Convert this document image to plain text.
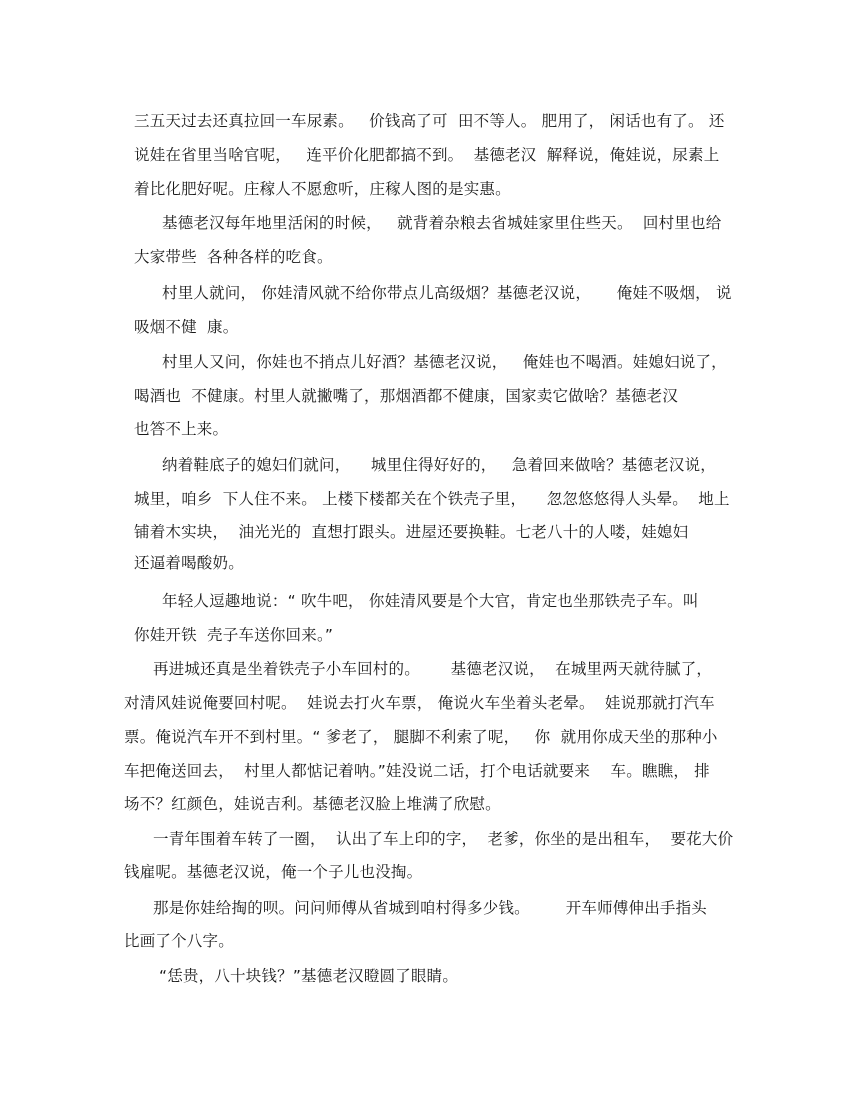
三五天过去还真拉回一车尿素。   价钱高了可  田不等人。 肥用了， 闲话也有了。 还
说娃在省里当啥官呢，   连平价化肥都搞不到。  基德老汉  解释说，俺娃说，尿素上
着比化肥好呢。庄稼人不愿愈听，庄稼人图的是实惠。
基德老汉每年地里活闲的时候，   就背着杂粮去省城娃家里住些天。  回村里也给
大家带些  各种各样的吃食。
村里人就问， 你娃清风就不给你带点儿高级烟？基德老汉说，     俺娃不吸烟， 说
吸烟不健  康。
村里人又问，你娃也不捎点儿好酒？基德老汉说，   俺娃也不喝酒。娃媳妇说了，
喝酒也  不健康。村里人就撇嘴了，那烟酒都不健康，国家卖它做啥？基德老汉
也答不上来。
纳着鞋底子的媳妇们就问，    城里住得好好的，   急着回来做啥？基德老汉说，
城里，咱乡  下人住不来。 上楼下楼都关在个铁壳子里，    忽忽悠悠得人头晕。  地上
铺着木实块，  油光光的  直想打跟头。进屋还要换鞋。七老八十的人喽，娃媳妇
还逼着喝酸奶。
年轻人逗趣地说：“ 吹牛吧， 你娃清风要是个大官，肯定也坐那铁壳子车。叫
你娃开铁  壳子车送你回来。”
再进城还真是坐着铁壳子小车回村的。      基德老汉说，  在城里两天就待腻了，
对清风娃说俺要回村呢。  娃说去打火车票， 俺说火车坐着头老晕。  娃说那就打汽车
票。俺说汽车开不到村里。“ 爹老了， 腿脚不利索了呢，   你  就用你成天坐的那种小
车把俺送回去，  村里人都惦记着呐。”娃没说二话，打个电话就要来    车。瞧瞧， 排
场不？红颜色，娃说吉利。基德老汉脸上堆满了欣慰。
一青年围着车转了一圈，  认出了车上印的字，  老爹，你坐的是出租车，  要花大价
钱雇呢。基德老汉说，俺一个子儿也没掏。
那是你娃给掏的呗。问问师傅从省城到咱村得多少钱。       开车师傅伸出手指头
比画了个八字。
“恁贵，八十块钱？”基德老汉瞪圆了眼睛。
